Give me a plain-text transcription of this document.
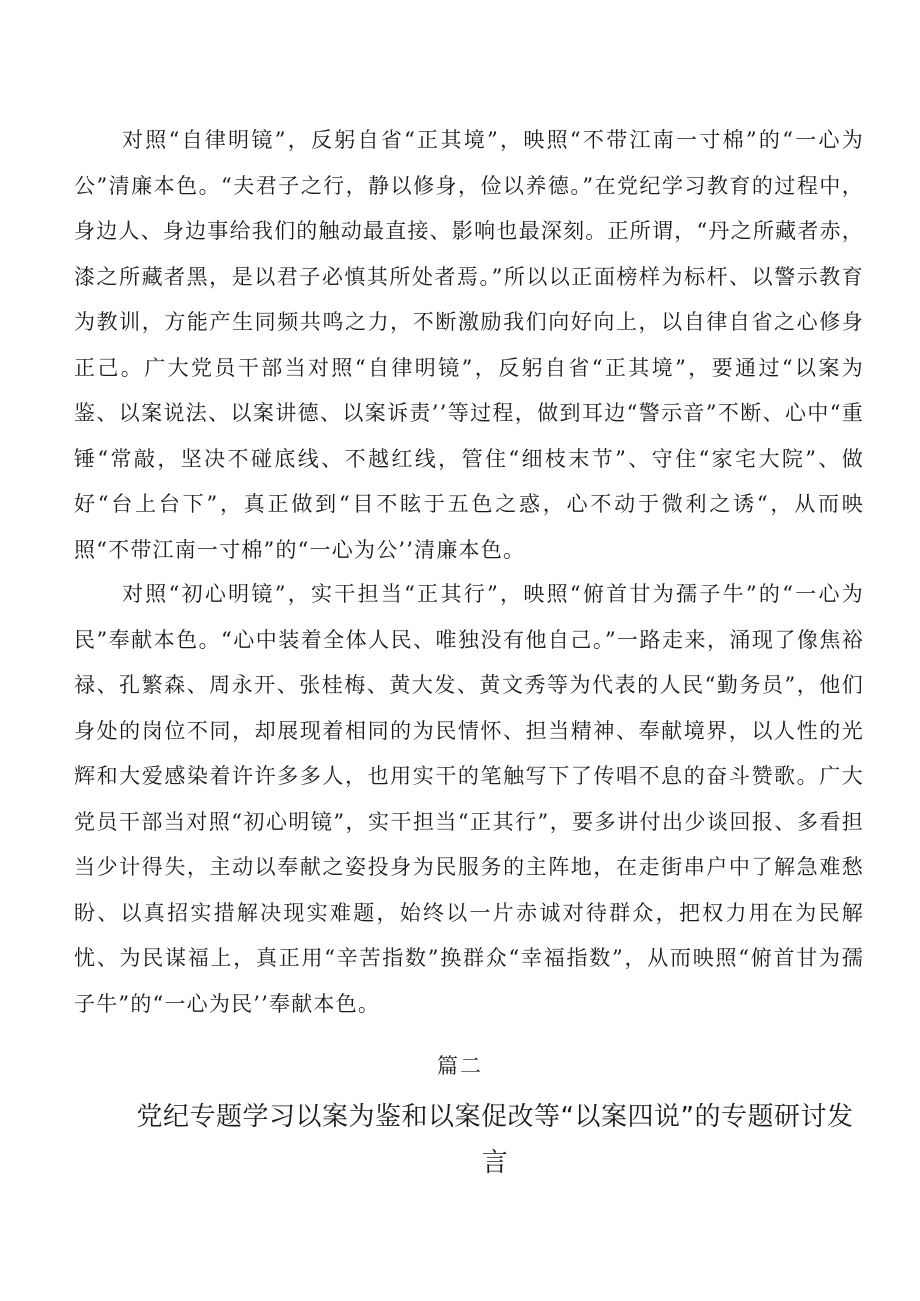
对照“自律明镜”，反躬自省“正其境”，映照“不带江南一寸棉”的“一心为公”清廉本色。“夫君子之行，静以修身，俭以养德。”在党纪学习教育的过程中，身边人、身边事给我们的触动最直接、影响也最深刻。正所谓，“丹之所藏者赤，漆之所藏者黑，是以君子必慎其所处者焉。”所以以正面榜样为标杆、以警示教育为教训，方能产生同频共鸣之力，不断激励我们向好向上，以自律自省之心修身正己。广大党员干部当对照“自律明镜”，反躬自省“正其境”，要通过“以案为鉴、以案说法、以案讲德、以案诉责’’等过程，做到耳边“警示音”不断、心中“重锤“常敲，坚决不碰底线、不越红线，管住“细枝末节”、守住“家宅大院”、做好“台上台下”，真正做到“目不眩于五色之惑，心不动于微利之诱“，从而映照“不带江南一寸棉”的“一心为公’’清廉本色。

对照“初心明镜”，实干担当“正其行”，映照“俯首甘为孺子牛”的“一心为民”奉献本色。“心中装着全体人民、唯独没有他自己。”一路走来，涌现了像焦裕禄、孔繁森、周永开、张桂梅、黄大发、黄文秀等为代表的人民“勤务员”，他们身处的岗位不同，却展现着相同的为民情怀、担当精神、奉献境界，以人性的光辉和大爱感染着许许多多人，也用实干的笔触写下了传唱不息的奋斗赞歌。广大党员干部当对照“初心明镜”，实干担当“正其行”，要多讲付出少谈回报、多看担当少计得失，主动以奉献之姿投身为民服务的主阵地，在走街串户中了解急难愁盼、以真招实措解决现实难题，始终以一片赤诚对待群众，把权力用在为民解忧、为民谋福上，真正用“辛苦指数”换群众“幸福指数”，从而映照“俯首甘为孺子牛”的“一心为民’’奉献本色。

篇二

党纪专题学习以案为鉴和以案促改等“以案四说”的专题研讨发言
